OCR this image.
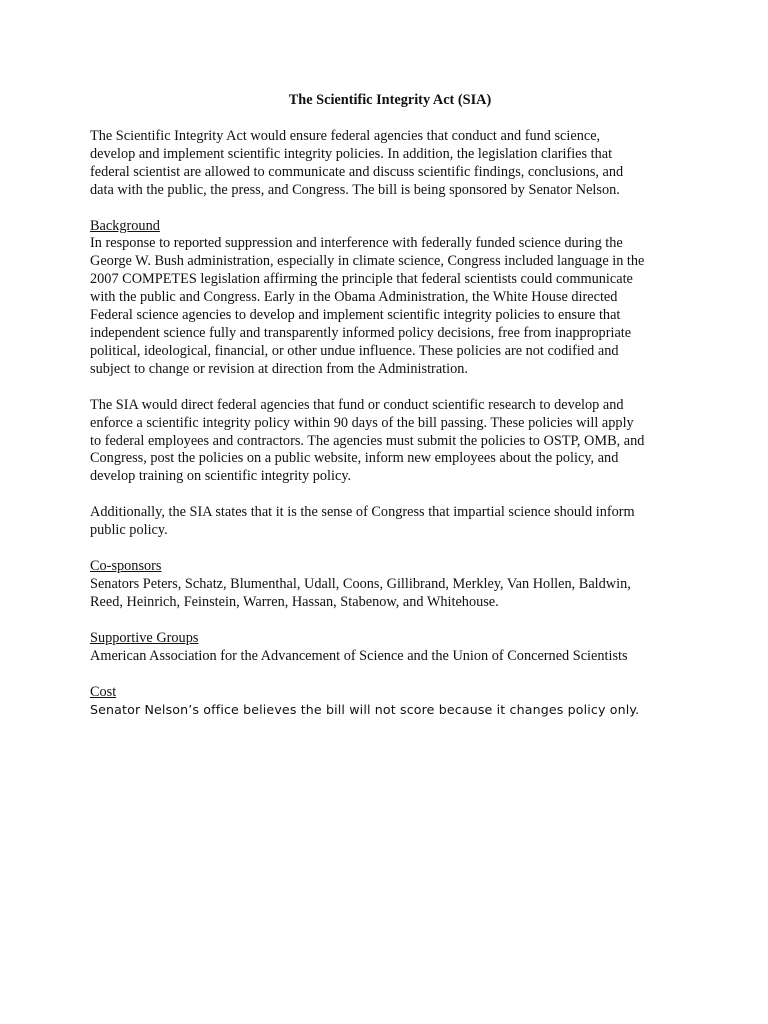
The Scientific Integrity Act (SIA)
The Scientific Integrity Act would ensure federal agencies that conduct and fund science,
develop and implement scientific integrity policies. In addition, the legislation clarifies that
federal scientist are allowed to communicate and discuss scientific findings, conclusions, and
data with the public, the press, and Congress. The bill is being sponsored by Senator Nelson.
Background
In response to reported suppression and interference with federally funded science during the
George W. Bush administration, especially in climate science, Congress included language in the
2007 COMPETES legislation affirming the principle that federal scientists could communicate
with the public and Congress. Early in the Obama Administration, the White House directed
Federal science agencies to develop and implement scientific integrity policies to ensure that
independent science fully and transparently informed policy decisions, free from inappropriate
political, ideological, financial, or other undue influence. These policies are not codified and
subject to change or revision at direction from the Administration.
The SIA would direct federal agencies that fund or conduct scientific research to develop and
enforce a scientific integrity policy within 90 days of the bill passing. These policies will apply
to federal employees and contractors. The agencies must submit the policies to OSTP, OMB, and
Congress, post the policies on a public website, inform new employees about the policy, and
develop training on scientific integrity policy.
Additionally, the SIA states that it is the sense of Congress that impartial science should inform
public policy.
Co-sponsors
Senators Peters, Schatz, Blumenthal, Udall, Coons, Gillibrand, Merkley, Van Hollen, Baldwin,
Reed, Heinrich, Feinstein, Warren, Hassan, Stabenow, and Whitehouse.
Supportive Groups
American Association for the Advancement of Science and the Union of Concerned Scientists
Cost
Senator Nelson’s office believes the bill will not score because it changes policy only.
